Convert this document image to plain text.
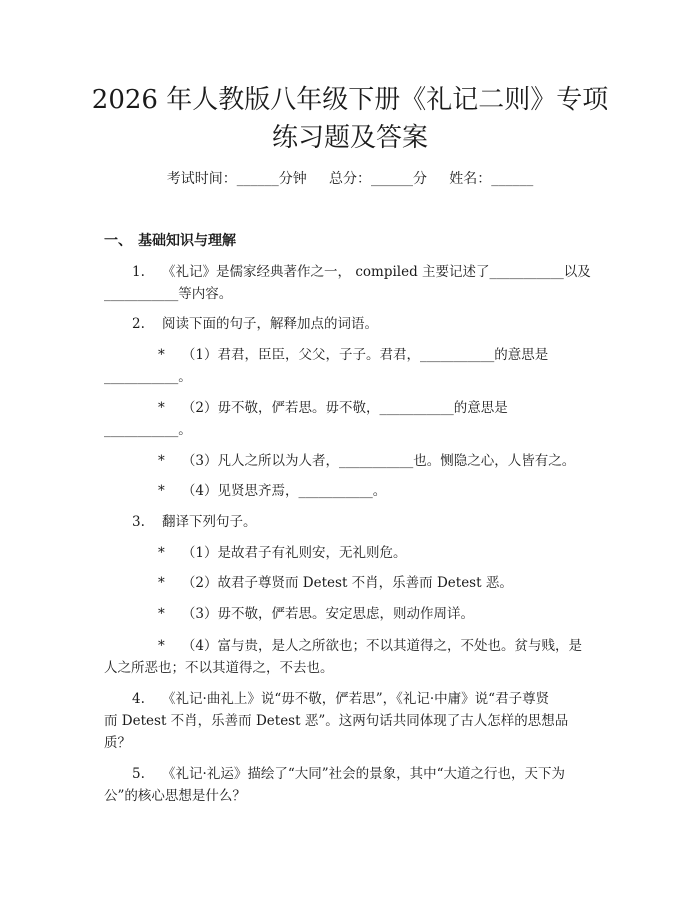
2026 年人教版八年级下册《礼记二则》专项
练习题及答案
考试时间：______分钟     总分：______分     姓名：______
一、 基础知识与理解
1.    《礼记》是儒家经典著作之一， compiled 主要记述了___________以及
___________等内容。
2.    阅读下面的句子，解释加点的词语。
*    （1）君君，臣臣，父父，子子。君君，___________的意思是
___________。
*    （2）毋不敬，俨若思。毋不敬，___________的意思是
___________。
*    （3）凡人之所以为人者，___________也。恻隐之心，人皆有之。
*    （4）见贤思齐焉，___________。
3.    翻译下列句子。
*    （1）是故君子有礼则安，无礼则危。
*    （2）故君子尊贤而 Detest 不肖，乐善而 Detest 恶。
*    （3）毋不敬，俨若思。安定思虑，则动作周详。
*    （4）富与贵，是人之所欲也；不以其道得之，不处也。贫与贱，是
人之所恶也；不以其道得之，不去也。
4.    《礼记·曲礼上》说“毋不敬，俨若思”，《礼记·中庸》说“君子尊贤
而 Detest 不肖，乐善而 Detest 恶”。这两句话共同体现了古人怎样的思想品
质？
5.    《礼记·礼运》描绘了“大同”社会的景象，其中“大道之行也，天下为
公”的核心思想是什么？
